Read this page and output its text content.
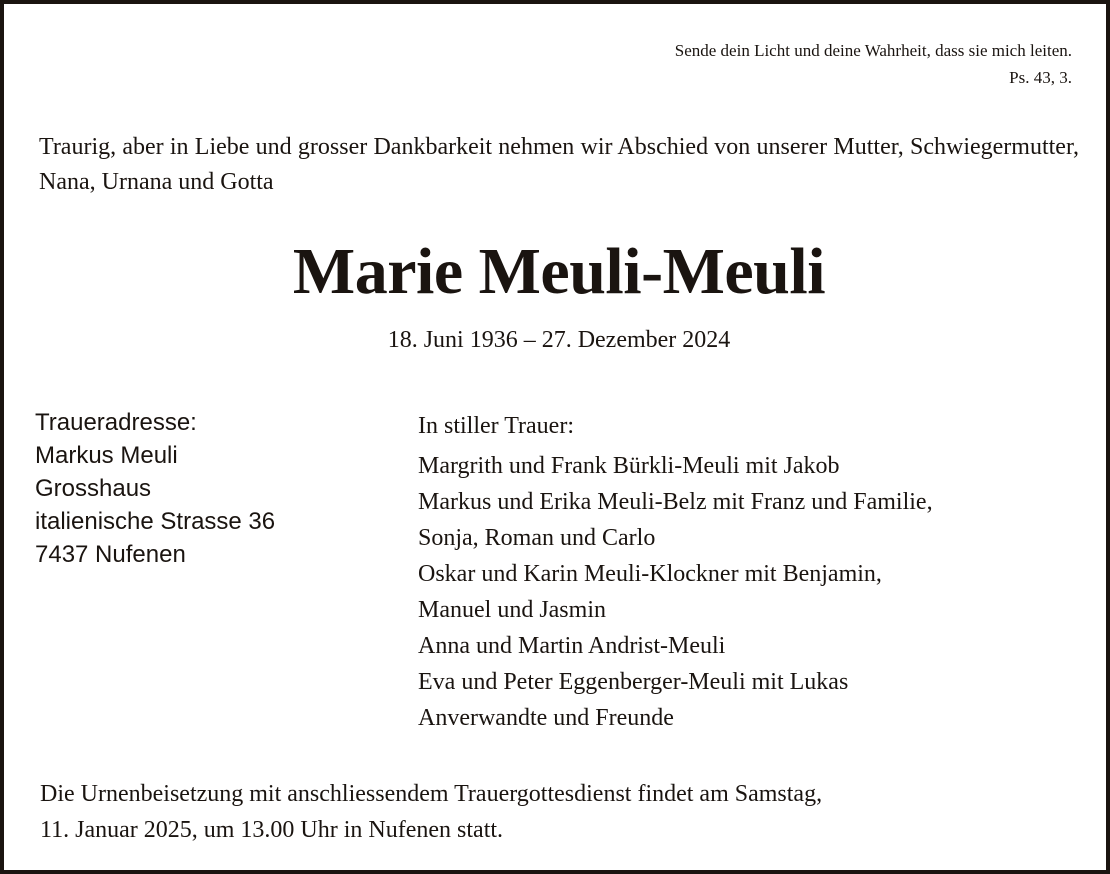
Sende dein Licht und deine Wahrheit, dass sie mich leiten.
Ps. 43, 3.
Traurig, aber in Liebe und grosser Dankbarkeit nehmen wir Abschied von unserer Mutter, Schwiegermutter, Nana, Urnana und Gotta
Marie Meuli-Meuli
18. Juni 1936 – 27. Dezember 2024
Traueradresse:
Markus Meuli
Grosshaus
italienische Strasse 36
7437 Nufenen
In stiller Trauer:
Margrith und Frank Bürkli-Meuli mit Jakob
Markus und Erika Meuli-Belz mit Franz und Familie,
Sonja, Roman und Carlo
Oskar und Karin Meuli-Klockner mit Benjamin,
Manuel und Jasmin
Anna und Martin Andrist-Meuli
Eva und Peter Eggenberger-Meuli mit Lukas
Anverwandte und Freunde
Die Urnenbeisetzung mit anschliessendem Trauergottesdienst findet am Samstag,
11. Januar 2025, um 13.00 Uhr in Nufenen statt.
